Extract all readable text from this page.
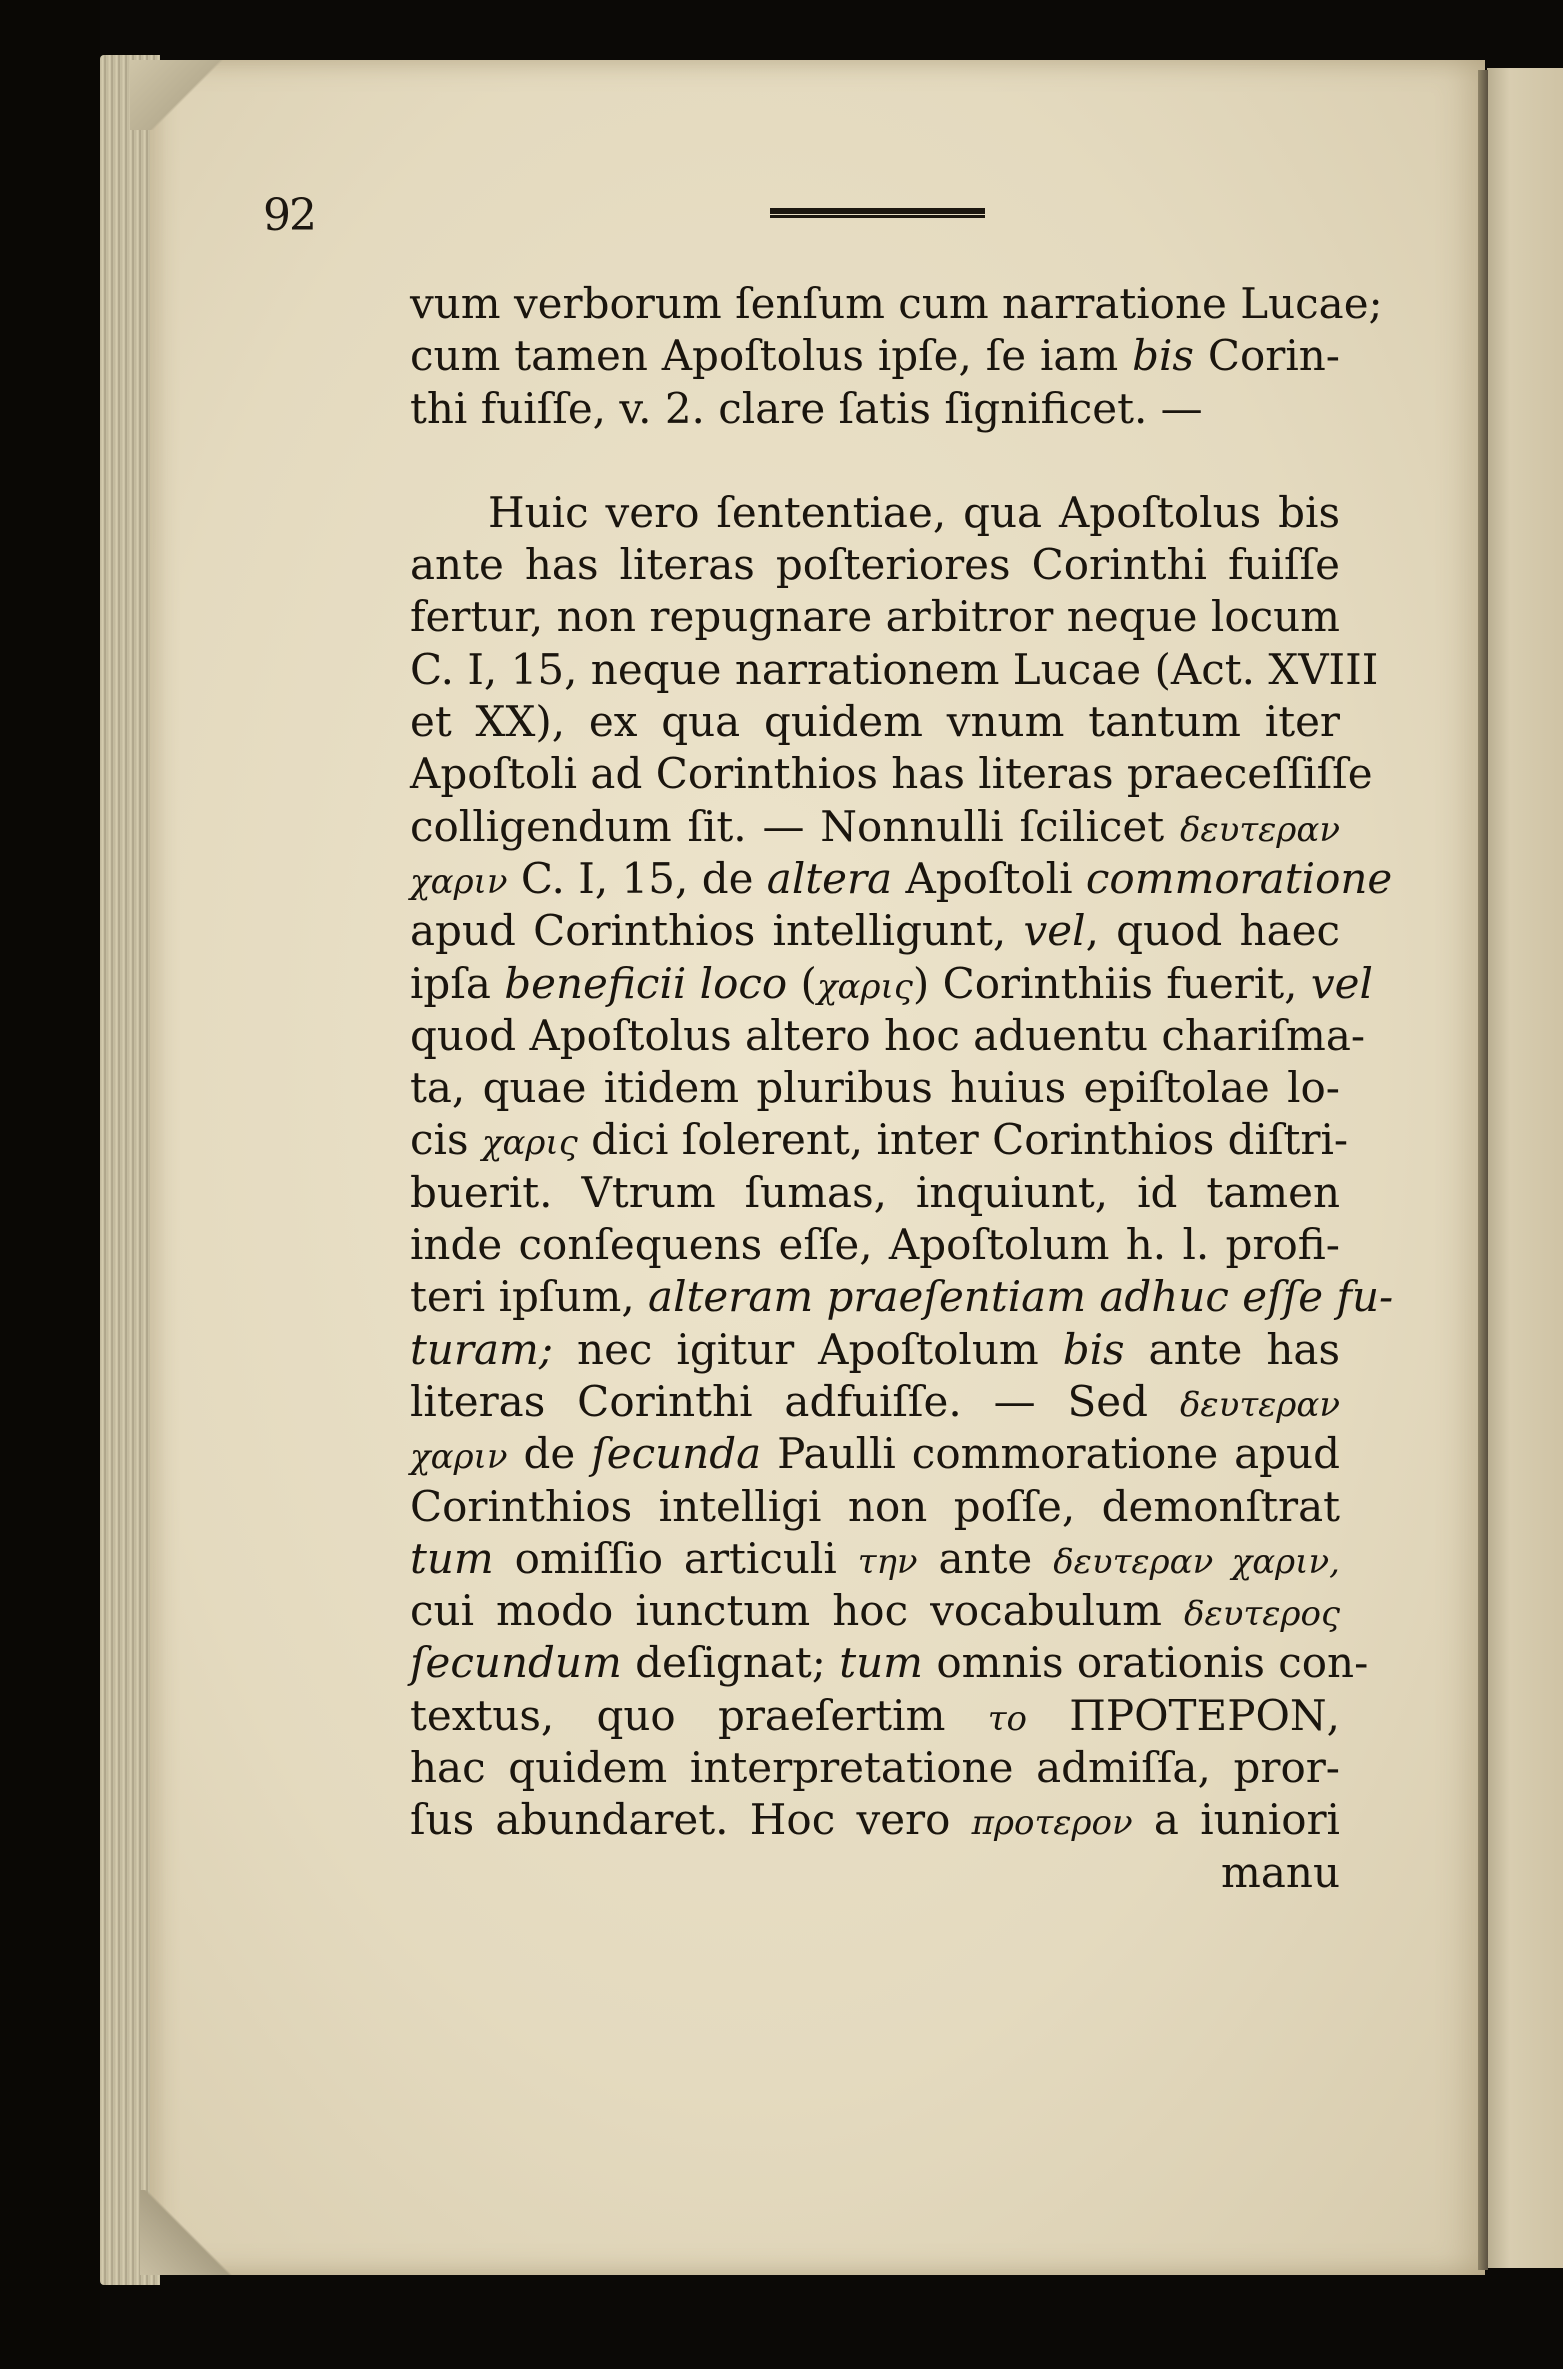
92
vum verborum ſenſum cum narratione Lucae;
cum tamen Apoſtolus ipſe, ſe iam bis Corin-
thi fuiſſe, v. 2. clare ſatis ſignificet. —
Huic vero ſententiae, qua Apoſtolus bis
ante has literas poſteriores Corinthi fuiſſe
fertur, non repugnare arbitror neque locum
C. I, 15, neque narrationem Lucae (Act. XVIII
et XX), ex qua quidem vnum tantum iter
Apoſtoli ad Corinthios has literas praeceſſiſſe
colligendum ſit. — Nonnulli ſcilicet δευτεραν
χαριν C. I, 15, de altera Apoſtoli commoratione
apud Corinthios intelligunt, vel, quod haec
ipſa beneficii loco (χαρις) Corinthiis fuerit, vel
quod Apoſtolus altero hoc aduentu chariſma-
ta, quae itidem pluribus huius epiſtolae lo-
cis χαρις dici ſolerent, inter Corinthios diſtri-
buerit. Vtrum ſumas, inquiunt, id tamen
inde conſequens eſſe, Apoſtolum h. l. profi-
teri ipſum, alteram praeſentiam adhuc eſſe fu-
turam; nec igitur Apoſtolum bis ante has
literas Corinthi adfuiſſe. — Sed δευτεραν
χαριν de ſecunda Paulli commoratione apud
Corinthios intelligi non poſſe, demonſtrat
tum omiſſio articuli την ante δευτεραν χαριν,
cui modo iunctum hoc vocabulum δευτερος
ſecundum deſignat; tum omnis orationis con-
textus, quo praeſertim το ΠΡΟΤΕΡΟΝ,
hac quidem interpretatione admiſſa, pror-
ſus abundaret. Hoc vero προτερον a iuniori
manu
